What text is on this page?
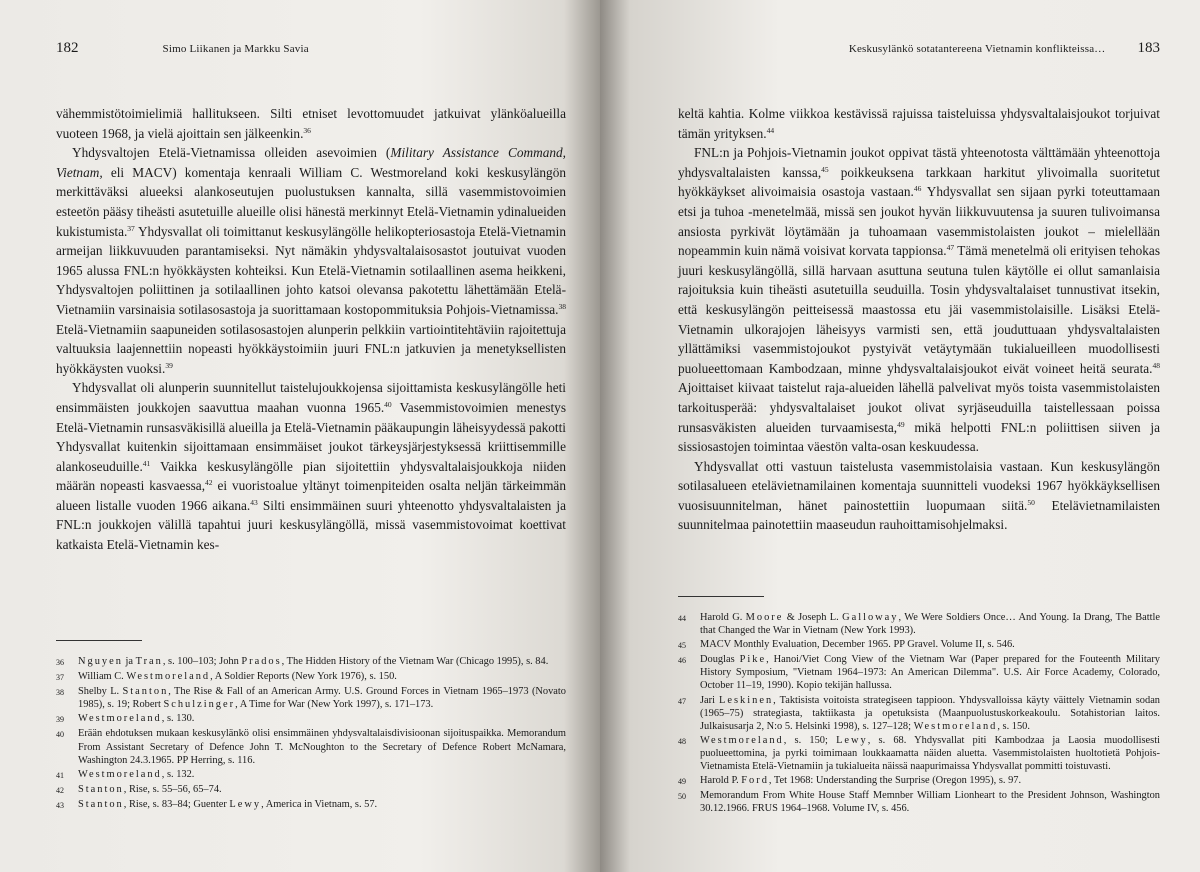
182	Simo Liikanen ja Markku Savia

vähemmistötoimielimiä hallitukseen. Silti etniset levottomuudet jatkuivat ylänköalueilla vuoteen 1968, ja vielä ajoittain sen jälkeenkin.$^{36}$

Yhdysvaltojen Etelä-Vietnamissa olleiden asevoimien (Military Assistance Command, Vietnam, eli MACV) komentaja kenraali William C. Westmoreland koki keskusylängön merkittäväksi alueeksi alankoseutujen puolustuksen kannalta, sillä vasemmistovoimien esteetön pääsy tiheästi asutetuille alueille olisi hänestä merkinnyt Etelä-Vietnamin ydinalueiden kukistumista.$^{37}$ Yhdysvallat oli toimittanut keskusylängölle helikopteriosastoja Etelä-Vietnamin armeijan liikkuvuuden parantamiseksi. Nyt nämäkin yhdysvaltalaisosastot joutuivat vuoden 1965 alussa FNL:n hyökkäysten kohteiksi. Kun Etelä-Vietnamin sotilaallinen asema heikkeni, Yhdysvaltojen poliittinen ja sotilaallinen johto katsoi olevansa pakotettu lähettämään Etelä-Vietnamiin varsinaisia sotilasosastoja ja suorittamaan kostopommituksia Pohjois-Vietnamissa.$^{38}$ Etelä-Vietnamiin saapuneiden sotilasosastojen alunperin pelkkiin vartiointitehtäviin rajoitettuja valtuuksia laajennettiin nopeasti hyökkäystoimiin juuri FNL:n jatkuvien ja menetyksellisten hyökkäysten vuoksi.$^{39}$

Yhdysvallat oli alunperin suunnitellut taistelujoukkojensa sijoittamista keskusylängölle heti ensimmäisten joukkojen saavuttua maahan vuonna 1965.40 Vasemmistovoimien menestys Etelä-Vietnamin runsasväkisillä alueilla ja Etelä-Vietnamin pääkaupungin läheisyydessä pakotti Yhdysvallat kuitenkin sijoittamaan ensimmäiset joukot tärkeysjärjestyksessä kriittisemmille alankoseuduille.$^{41}$ Vaikka keskusylängölle pian sijoitettiin yhdysvaltalaisjoukkoja niiden määrän nopeasti kasvaessa,$^{42}$ ei vuoristoalue yltänyt toimenpiteiden osalta neljän tärkeimmän alueen listalle vuoden 1966 aikana.$^{43}$ Silti ensimmäinen suuri yhteenotto yhdysvaltalaisten ja FNL:n joukkojen välillä tapahtui juuri keskusylängöllä, missä vasemmistovoimat koettivat katkaista Etelä-Vietnamin kes-

36	Nguyen ja Tran, s. 100–103; John Prados, The Hidden History of the Vietnam War (Chicago 1995), s. 84.
37	William C. Westmoreland, A Soldier Reports (New York 1976), s. 150.
38	Shelby L. Stanton, The Rise & Fall of an American Army. U.S. Ground Forces in Vietnam 1965–1973 (Novato 1985), s. 19; Robert Schulzinger, A Time for War (New York 1997), s. 171–173.
39	Westmoreland, s. 130.
40	Erään ehdotuksen mukaan keskusylänkö olisi ensimmäinen yhdysvaltalaisdivisioonan sijoituspaikka. Memorandum From Assistant Secretary of Defence John T. McNoughton to the Secretary of Defence Robert McNamara, Washington 24.3.1965. PP Herring, s. 116.
41	Westmoreland, s. 132.
42	Stanton, Rise, s. 55–56, 65–74.
43	Stanton, Rise, s. 83–84; Guenter Lewy, America in Vietnam, s. 57.
Keskusylänkö sotatantereena Vietnamin konflikteissa… 183

keltä kahtia. Kolme viikkoa kestävissä rajuissa taisteluissa yhdysvaltalaisjoukot torjuivat tämän yrityksen.$^{44}$

FNL:n ja Pohjois-Vietnamin joukot oppivat tästä yhteenotosta välttämään yhteenottoja yhdysvaltalaisten kanssa,$^{45}$ poikkeuksena tarkkaan harkitut ylivoimalla suoritetut hyökkäykset alivoimaisia osastoja vastaan.$^{46}$ Yhdysvallat sen sijaan pyrki toteuttamaan etsi ja tuhoa -menetelmää, missä sen joukot hyvän liikkuvuutensa ja suuren tulivoimansa ansiosta pyrkivät löytämään ja tuhoamaan vasemmistolaisten joukot – mielellään nopeammin kuin nämä voisivat korvata tappionsa.$^{47}$ Tämä menetelmä oli erityisen tehokas juuri keskusylängöllä, sillä harvaan asuttuna seutuna tulen käytölle ei ollut samanlaisia rajoituksia kuin tiheästi asutetuilla seuduilla. Tosin yhdysvaltalaiset tunnustivat itsekin, että keskusylängön peitteisessä maastossa etu jäi vasemmistolaisille. Lisäksi Etelä-Vietnamin ulkorajojen läheisyys varmisti sen, että jouduttuaan yhdysvaltalaisten yllättämiksi vasemmistojoukot pystyivät vetäytymään tukialueilleen muodollisesti puolueettomaan Kambodzaan, minne yhdysvaltalaisjoukot eivät voineet heitä seurata.$^{48}$ Ajoittaiset kiivaat taistelut raja-alueiden lähellä palvelivat myös toista vasemmistolaisten tarkoitusperää: yhdysvaltalaiset joukot olivat syrjäseuduilla taistellessaan poissa runsasväkisten alueiden turvaamisesta,$^{49}$ mikä helpotti FNL:n poliittisen siiven ja sissiosastojen toimintaa väestön valta-osan keskuudessa.

Yhdysvallat otti vastuun taistelusta vasemmistolaisia vastaan. Kun keskusylängön sotilasalueen etelävietnamilainen komentaja suunnitteli vuodeksi 1967 hyökkäyksellisen vuosisuunnitelman, hänet painostettiin luopumaan siitä.$^{50}$ Etelävietnamilaisten suunnitelmaa painotettiin maaseudun rauhoittamisohjelmaksi.

44	Harold G. Moore & Joseph L. Galloway, We Were Soldiers Once… And Young. Ia Drang, The Battle that Changed the War in Vietnam (New York 1993).
45	MACV Monthly Evaluation, December 1965. PP Gravel. Volume II, s. 546.
46	Douglas Pike, Hanoi/Viet Cong View of the Vietnam War (Paper prepared for the Fouteenth Military History Symposium, "Vietnam 1964–1973: An American Dilemma". U.S. Air Force Academy, Colorado, October 11–19, 1990). Kopio tekijän hallussa.
47	Jari Leskinen, Taktisista voitoista strategiseen tappioon. Yhdysvalloissa käyty väittely Vietnamin sodan (1965–75) strategiasta, taktiikasta ja opetuksista (Maanpuolustuskorkeakoulu. Sotahistorian laitos. Julkaisusarja 2, N:o 5. Helsinki 1998), s. 127–128; Westmoreland, s. 150.
48	Westmoreland, s. 150; Lewy, s. 68. Yhdysvallat piti Kambodzaa ja Laosia muodollisesti puolueettomina, ja pyrki toimimaan loukkaamatta näiden aluetta. Vasemmistolaisten huoltotietä Pohjois-Vietnamista Etelä-Vietnamiin ja tukialueita näissä naapurimaissa Yhdysvallat pommitti toistuvasti.
49	Harold P. Ford, Tet 1968: Understanding the Surprise (Oregon 1995), s. 97.
50	Memorandum From White House Staff Memnber William Lionheart to the President Johnson, Washington 30.12.1966. FRUS 1964–1968. Volume IV, s. 456.
